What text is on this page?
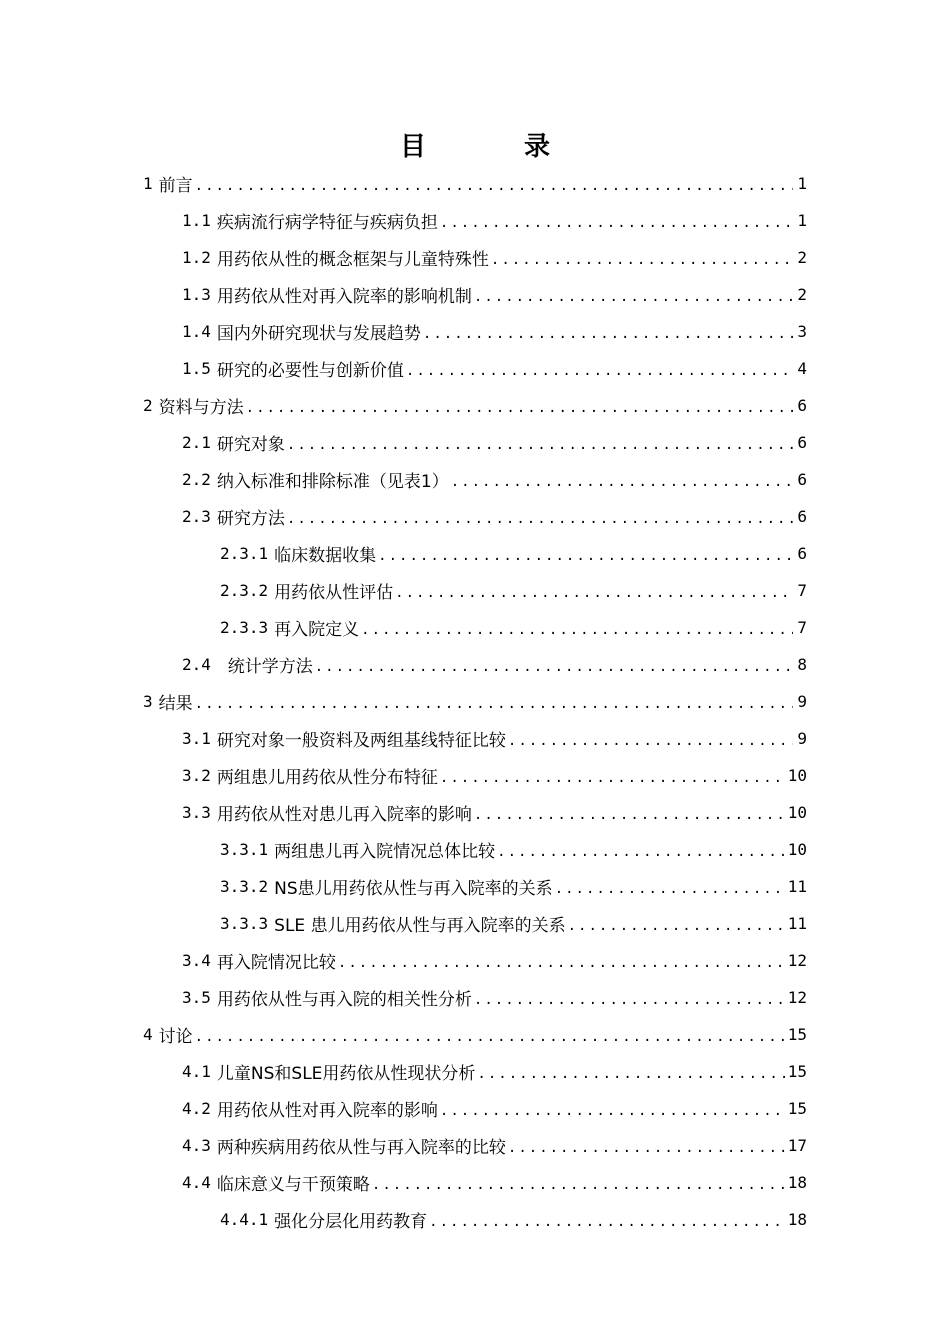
目　录
1 前言 .....	1
1.1 疾病流行病学特征与疾病负担 .....	1
1.2 用药依从性的概念框架与儿童特殊性 .....	2
1.3 用药依从性对再入院率的影响机制 .....	2
1.4 国内外研究现状与发展趋势 .....	3
1.5 研究的必要性与创新价值 .....	4
2 资料与方法 .....	6
2.1 研究对象 .....	6
2.2 纳入标准和排除标准（见表1） .....	6
2.3 研究方法 .....	6
2.3.1 临床数据收集 .....	6
2.3.2 用药依从性评估 .....	7
2.3.3 再入院定义 .....	7
2.4 统计学方法 .....	8
3 结果 .....	9
3.1 研究对象一般资料及两组基线特征比较 .....	9
3.2 两组患儿用药依从性分布特征 .....	10
3.3 用药依从性对患儿再入院率的影响 .....	10
3.3.1 两组患儿再入院情况总体比较 .....	10
3.3.2 NS患儿用药依从性与再入院率的关系 .....	11
3.3.3 SLE 患儿用药依从性与再入院率的关系 .....	11
3.4 再入院情况比较 .....	12
3.5 用药依从性与再入院的相关性分析 .....	12
4 讨论 .....	15
4.1 儿童NS和SLE用药依从性现状分析 .....	15
4.2 用药依从性对再入院率的影响 .....	15
4.3 两种疾病用药依从性与再入院率的比较 .....	17
4.4 临床意义与干预策略 .....	18
4.4.1 强化分层化用药教育 .....	18
